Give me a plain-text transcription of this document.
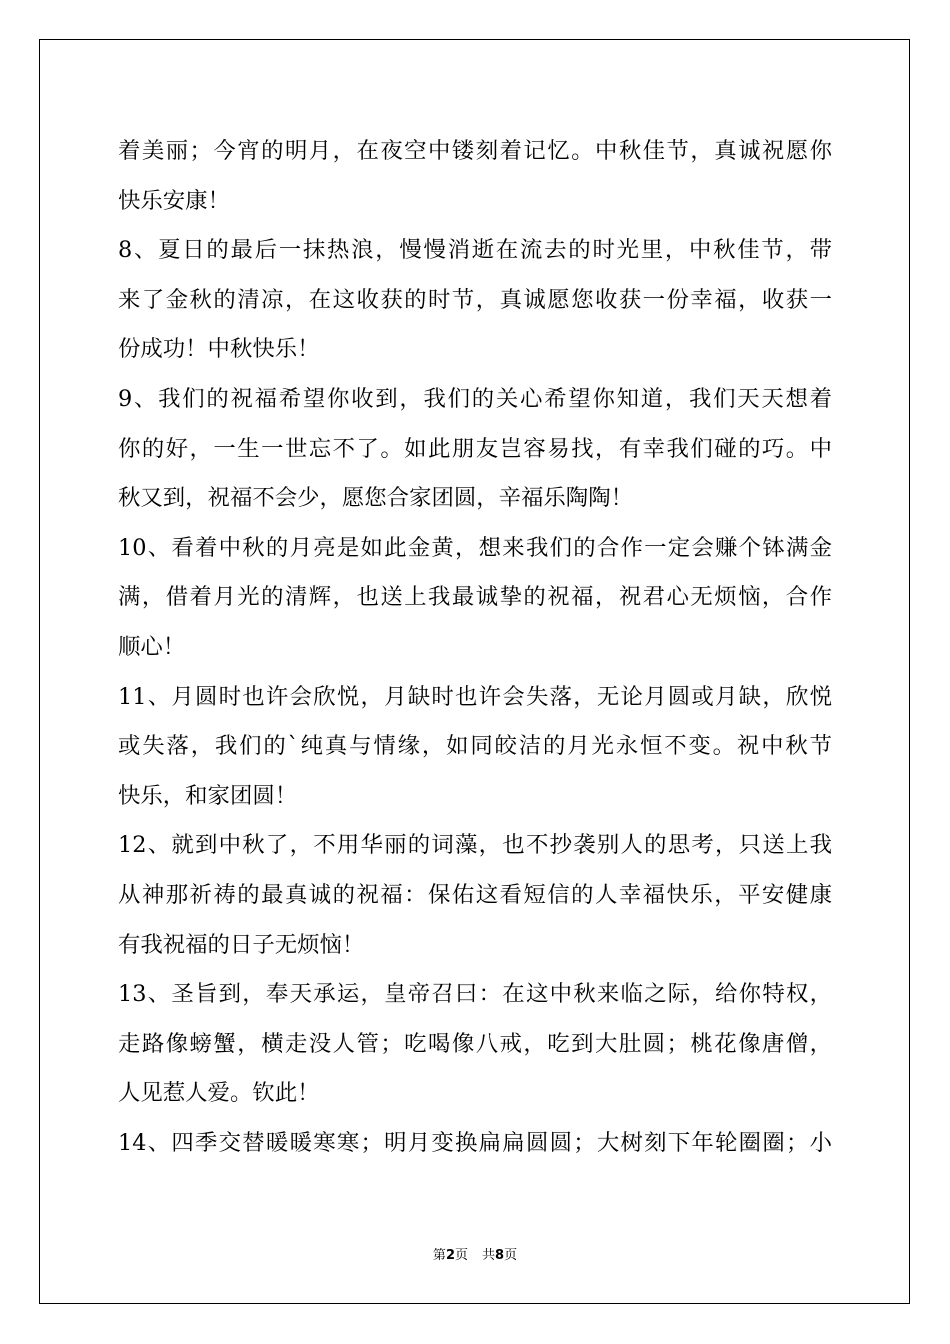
着美丽；今宵的明月，在夜空中镂刻着记忆。中秋佳节，真诚祝愿你
快乐安康！
8、夏日的最后一抹热浪，慢慢消逝在流去的时光里，中秋佳节，带
来了金秋的清凉，在这收获的时节，真诚愿您收获一份幸福，收获一
份成功！中秋快乐！
9、我们的祝福希望你收到，我们的关心希望你知道，我们天天想着
你的好，一生一世忘不了。如此朋友岂容易找，有幸我们碰的巧。中
秋又到，祝福不会少，愿您合家团圆，辛福乐陶陶！
10、看着中秋的月亮是如此金黄，想来我们的合作一定会赚个钵满金
满，借着月光的清辉，也送上我最诚挚的祝福，祝君心无烦恼，合作
顺心！
11、月圆时也许会欣悦，月缺时也许会失落，无论月圆或月缺，欣悦
或失落，我们的`纯真与情缘，如同皎洁的月光永恒不变。祝中秋节
快乐，和家团圆！
12、就到中秋了，不用华丽的词藻，也不抄袭别人的思考，只送上我
从神那祈祷的最真诚的祝福：保佑这看短信的人幸福快乐，平安健康
有我祝福的日子无烦恼！
13、圣旨到，奉天承运，皇帝召曰：在这中秋来临之际，给你特权，
走路像螃蟹，横走没人管；吃喝像八戒，吃到大肚圆；桃花像唐僧，
人见惹人爱。钦此！
14、四季交替暖暖寒寒；明月变换扁扁圆圆；大树刻下年轮圈圈；小
第2页 共8页
